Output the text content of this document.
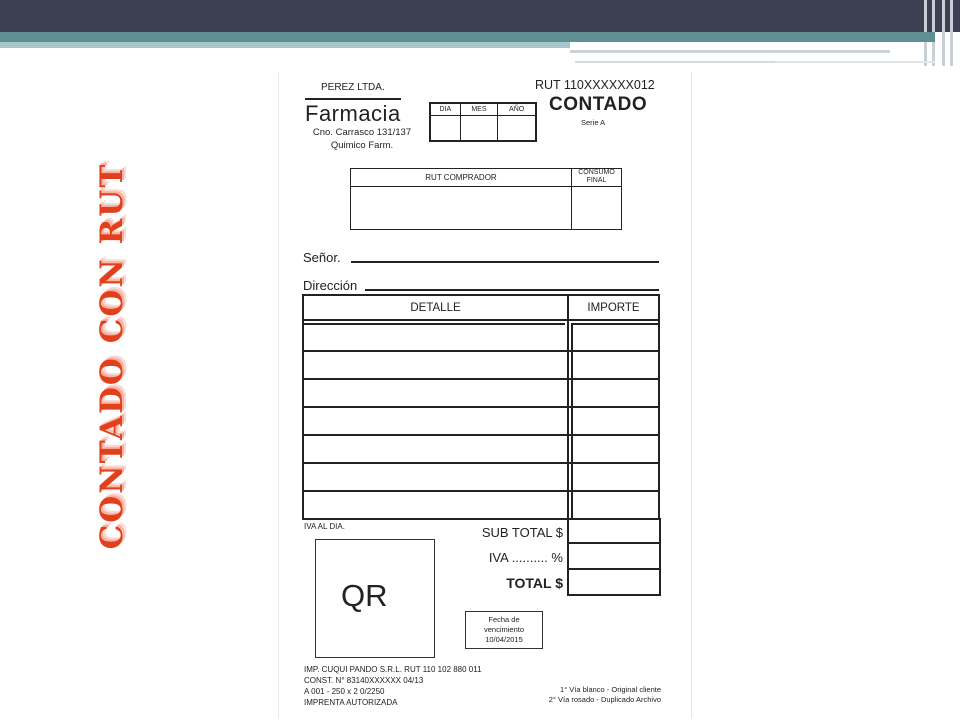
CONTADO CON RUT
PEREZ LTDA.
Farmacia
Cno. Carrasco 131/137
Quimico Farm.
DIA	MES	AÑO

RUT 110XXXXXX012
CONTADO
Serie A
RUT COMPRADOR
CONSUMO
FINAL
Señor.
Dirección
DETALLE	IMPORTE
IVA AL DIA.	SUB TOTAL $
IVA .......... %
TOTAL $
QR
Fecha de
vencimiento
10/04/2015
IMP. CUQUI PANDO S.R.L. RUT 110 102 880 011
CONST. N° 83140XXXXXX 04/13
A 001 - 250 x 2 0/2250
IMPRENTA AUTORIZADA
1° Vía blanco - Original cliente
2° Vía rosado - Duplicado Archivo
